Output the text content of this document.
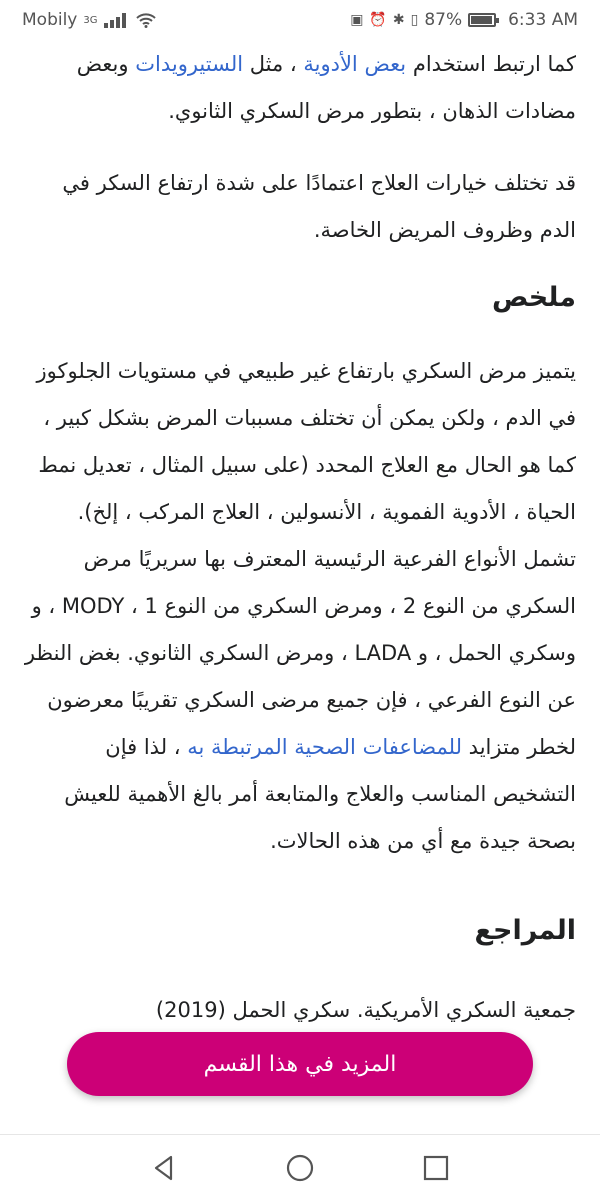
Mobily 3G	▣ ⏰ ✱ ▯ 87%	6:33 AM

كما ارتبط استخدام بعض الأدوية ، مثل الستيرويدات وبعض مضادات الذهان ، بتطور مرض السكري الثانوي.

قد تختلف خيارات العلاج اعتمادًا على شدة ارتفاع السكر في الدم وظروف المريض الخاصة.

ملخص

يتميز مرض السكري بارتفاع غير طبيعي في مستويات الجلوكوز في الدم ، ولكن يمكن أن تختلف مسببات المرض بشكل كبير ، كما هو الحال مع العلاج المحدد (على سبيل المثال ، تعديل نمط الحياة ، الأدوية الفموية ، الأنسولين ، العلاج المركب ، إلخ). تشمل الأنواع الفرعية الرئيسية المعترف بها سريريًا مرض السكري من النوع 2 ، ومرض السكري من النوع 1 ، MODY ، و وسكري الحمل ، و LADA ، ومرض السكري الثانوي. بغض النظر عن النوع الفرعي ، فإن جميع مرضى السكري تقريبًا معرضون لخطر متزايد للمضاعفات الصحية المرتبطة به ، لذا فإن التشخيص المناسب والعلاج والمتابعة أمر بالغ الأهمية للعيش بصحة جيدة مع أي من هذه الحالات.

المراجع

جمعية السكري الأمريكية. سكري الحمل (2019)

المزيد في هذا القسم
